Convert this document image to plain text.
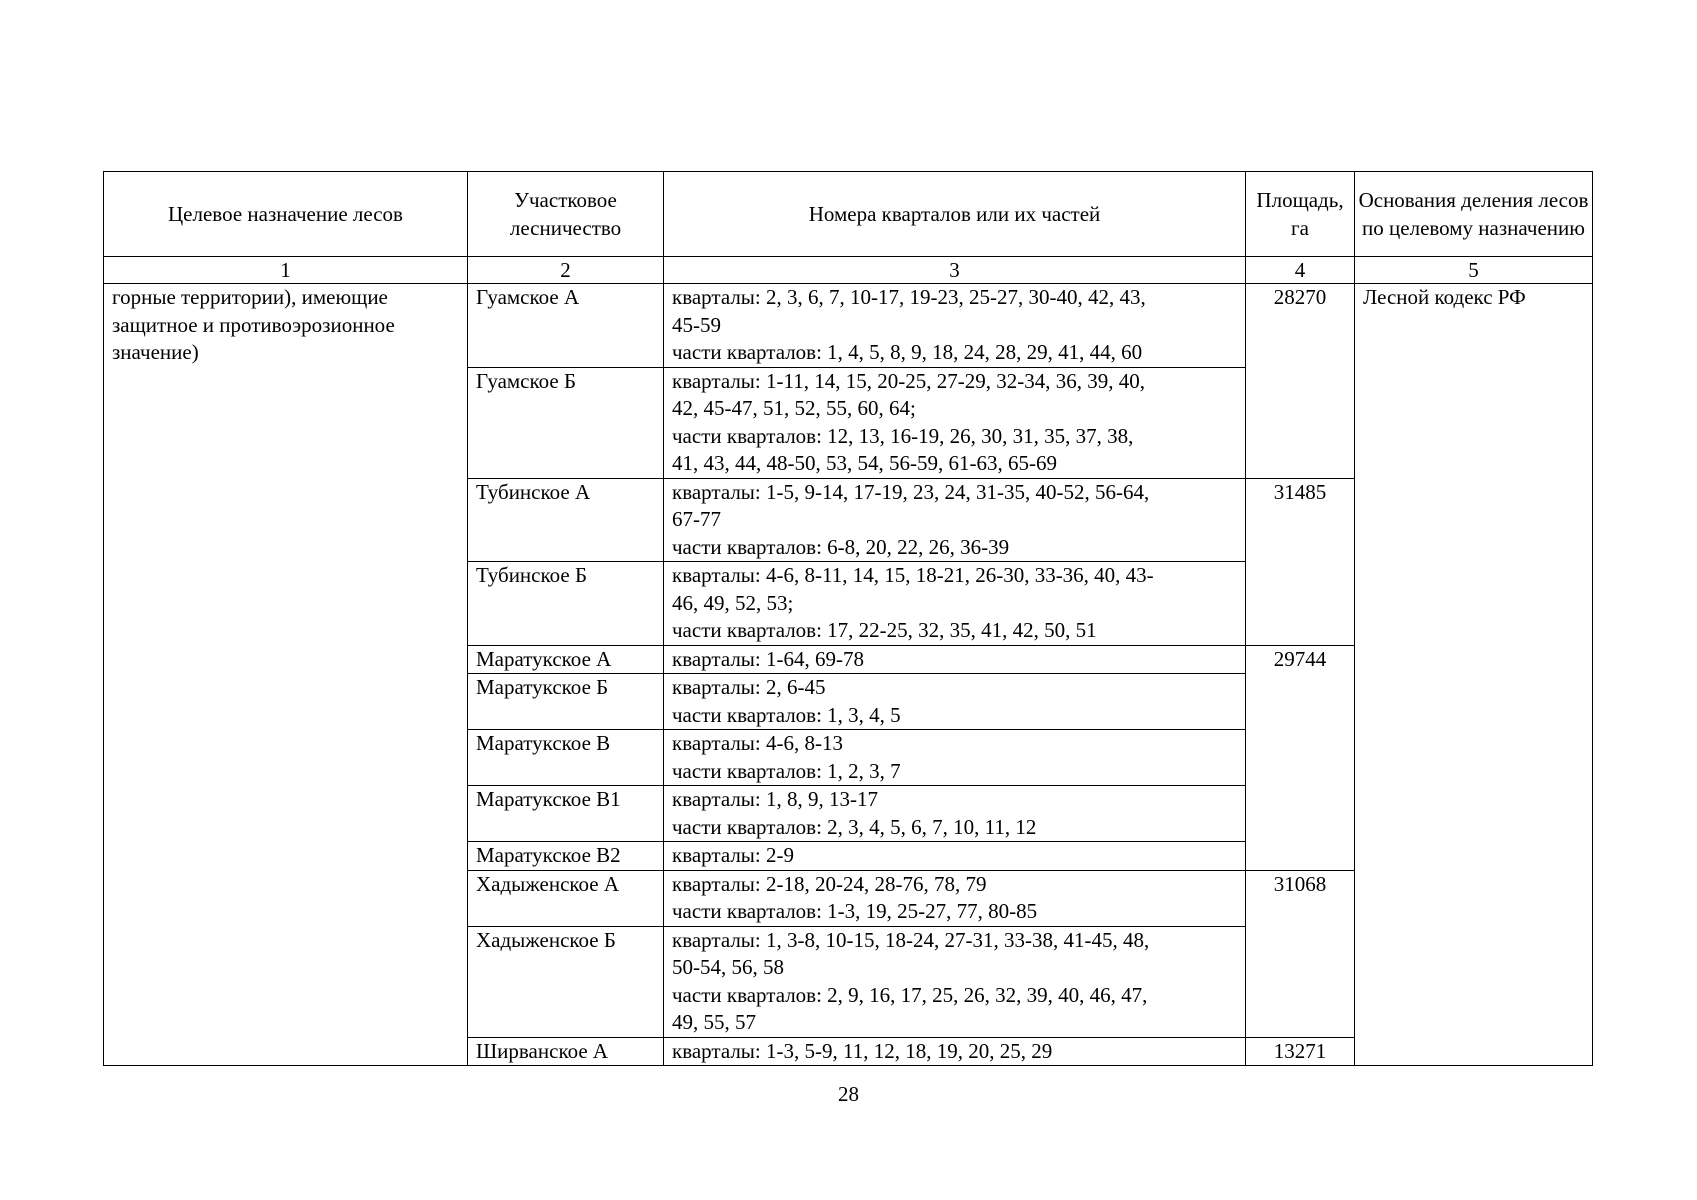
Целевое назначение лесов	Участковое лесничество	Номера кварталов или их частей	Площадь, га	Основания деления лесов по целевому назначению
1	2	3	4	5
горные территории), имеющие защитное и противоэрозионное значение)	Гуамское А	кварталы: 2, 3, 6, 7, 10-17, 19-23, 25-27, 30-40, 42, 43,
45-59
части кварталов: 1, 4, 5, 8, 9, 18, 24, 28, 29, 41, 44, 60	28270	Лесной кодекс РФ
	Гуамское Б	кварталы: 1-11, 14, 15, 20-25, 27-29, 32-34, 36, 39, 40,
42, 45-47, 51, 52, 55, 60, 64;
части кварталов: 12, 13, 16-19, 26, 30, 31, 35, 37, 38,
41, 43, 44, 48-50, 53, 54, 56-59, 61-63, 65-69		

	Тубинское А	кварталы: 1-5, 9-14, 17-19, 23, 24, 31-35, 40-52, 56-64,
67-77
части кварталов: 6-8, 20, 22, 26, 36-39	31485	
	Тубинское Б	кварталы: 4-6, 8-11, 14, 15, 18-21, 26-30, 33-36, 40, 43-
46, 49, 52, 53;
части кварталов: 17, 22-25, 32, 35, 41, 42, 50, 51		

	Маратукское А	кварталы: 1-64, 69-78	29744	
	Маратукское Б	кварталы: 2, 6-45
части кварталов: 1, 3, 4, 5		

	Маратукское В	кварталы: 4-6, 8-13
части кварталов: 1, 2, 3, 7		

	Маратукское В1	кварталы: 1, 8, 9, 13-17
части кварталов: 2, 3, 4, 5, 6, 7, 10, 11, 12		

	Маратукское В2	кварталы: 2-9		

	Хадыженское А	кварталы: 2-18, 20-24, 28-76, 78, 79
части кварталов: 1-3, 19, 25-27, 77, 80-85	31068	
	Хадыженское Б	кварталы: 1, 3-8, 10-15, 18-24, 27-31, 33-38, 41-45, 48,
50-54, 56, 58
части кварталов: 2, 9, 16, 17, 25, 26, 32, 39, 40, 46, 47,
49, 55, 57		

	Ширванское А	кварталы: 1-3, 5-9, 11, 12, 18, 19, 20, 25, 29	13271	
28
